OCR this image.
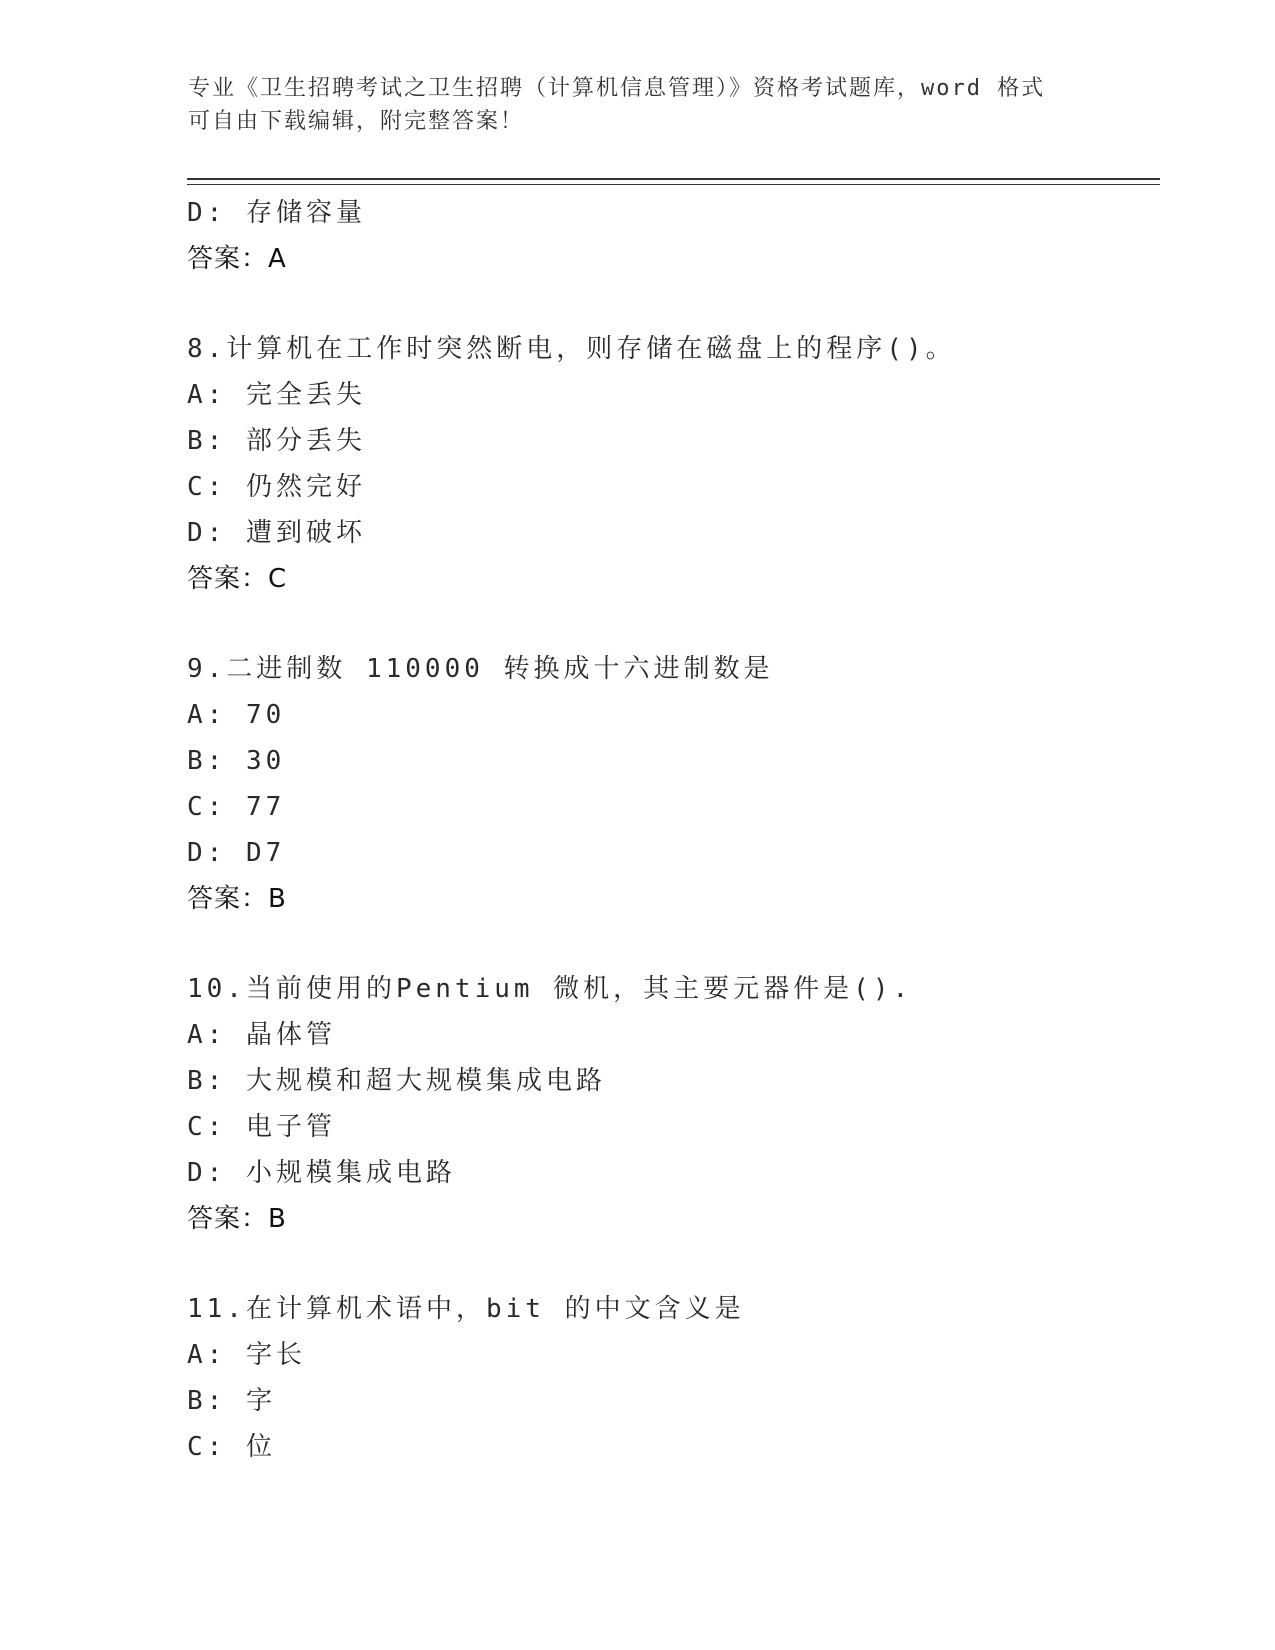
专业《卫生招聘考试之卫生招聘（计算机信息管理）》资格考试题库，word 格式
可自由下载编辑，附完整答案！
D: 存储容量
答案：A
8.计算机在工作时突然断电，则存储在磁盘上的程序()。
A: 完全丢失
B: 部分丢失
C: 仍然完好
D: 遭到破坏
答案：C
9.二进制数 110000 转换成十六进制数是
A: 70
B: 30
C: 77
D: D7
答案：B
10.当前使用的Pentium 微机，其主要元器件是().
A: 晶体管
B: 大规模和超大规模集成电路
C: 电子管
D: 小规模集成电路
答案：B
11.在计算机术语中，bit 的中文含义是
A: 字长
B: 字
C: 位
